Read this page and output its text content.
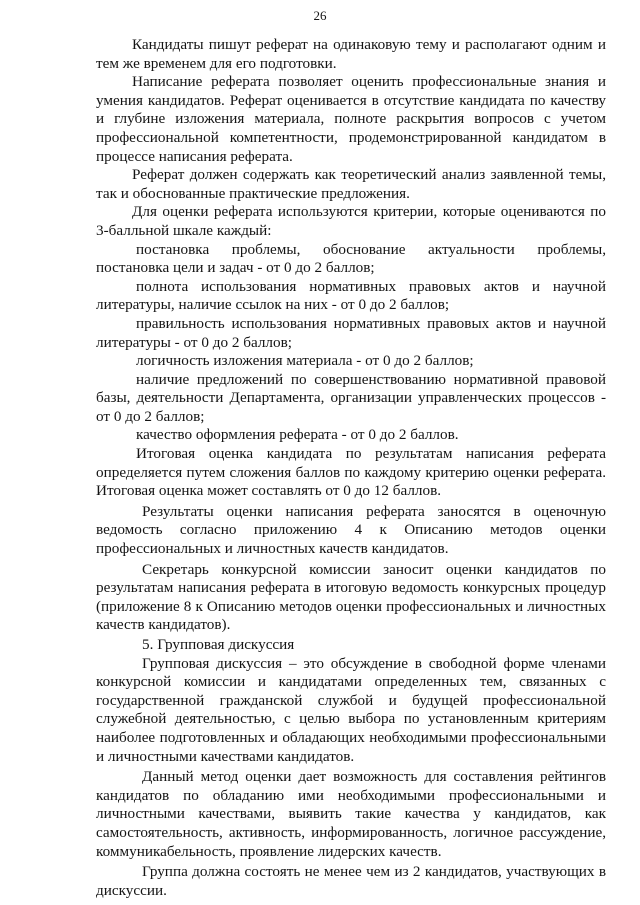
26

Кандидаты пишут реферат на одинаковую тему и располагают одним и тем же временем для его подготовки.

Написание реферата позволяет оценить профессиональные знания и умения кандидатов. Реферат оценивается в отсутствие кандидата по качеству и глубине изложения материала, полноте раскрытия вопросов с учетом профессиональной компетентности, продемонстрированной кандидатом в процессе написания реферата.

Реферат должен содержать как теоретический анализ заявленной темы, так и обоснованные практические предложения.

Для оценки реферата используются критерии, которые оцениваются по 3-балльной шкале каждый:

постановка проблемы, обоснование актуальности проблемы, постановка цели и задач - от 0 до 2 баллов;

полнота использования нормативных правовых актов и научной литературы, наличие ссылок на них - от 0 до 2 баллов;

правильность использования нормативных правовых актов и научной литературы - от 0 до 2 баллов;

логичность изложения материала - от 0 до 2 баллов;

наличие предложений по совершенствованию нормативной правовой базы, деятельности Департамента, организации управленческих процессов - от 0 до 2 баллов;

качество оформления реферата - от 0 до 2 баллов.

Итоговая оценка кандидата по результатам написания реферата определяется путем сложения баллов по каждому критерию оценки реферата. Итоговая оценка может составлять от 0 до 12 баллов.

Результаты оценки написания реферата заносятся в оценочную ведомость согласно приложению 4 к Описанию методов оценки профессиональных и личностных качеств кандидатов.

Секретарь конкурсной комиссии заносит оценки кандидатов по результатам написания реферата в итоговую ведомость конкурсных процедур (приложение 8 к Описанию методов оценки профессиональных и личностных качеств кандидатов).

5. Групповая дискуссия

Групповая дискуссия – это обсуждение в свободной форме членами конкурсной комиссии и кандидатами определенных тем, связанных с государственной гражданской службой и будущей профессиональной служебной деятельностью, с целью выбора по установленным критериям наиболее подготовленных и обладающих необходимыми профессиональными и личностными качествами кандидатов.

Данный метод оценки дает возможность для составления рейтингов кандидатов по обладанию ими необходимыми профессиональными и личностными качествами, выявить такие качества у кандидатов, как самостоятельность, активность, информированность, логичное рассуждение, коммуникабельность, проявление лидерских качеств.

Группа должна состоять не менее чем из 2 кандидатов, участвующих в дискуссии.
